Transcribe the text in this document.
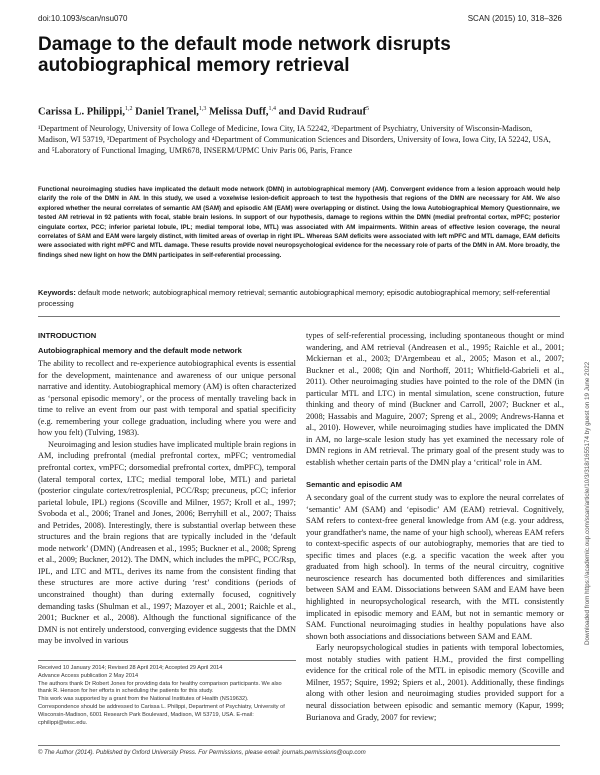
doi:10.1093/scan/nsu070	SCAN (2015) 10, 318–326
Damage to the default mode network disrupts
autobiographical memory retrieval
Carissa L. Philippi,$^{1,2}$ Daniel Tranel,$^{1,3}$ Melissa Duff,$^{1,4}$ and David Rudrauf$^5$
¹Department of Neurology, University of Iowa College of Medicine, Iowa City, IA 52242, ²Department of Psychiatry, University of Wisconsin-Madison, Madison, WI 53719, ³Department of Psychology and ⁴Department of Communication Sciences and Disorders, University of Iowa, Iowa City, IA 52242, USA, and ⁵Laboratory of Functional Imaging, UMR678, INSERM/UPMC Univ Paris 06, Paris, France
Functional neuroimaging studies have implicated the default mode network (DMN) in autobiographical memory (AM). Convergent evidence from a lesion approach would help clarify the role of the DMN in AM. In this study, we used a voxelwise lesion-deficit approach to test the hypothesis that regions of the DMN are necessary for AM. We also explored whether the neural correlates of semantic AM (SAM) and episodic AM (EAM) were overlapping or distinct. Using the Iowa Autobiographical Memory Questionnaire, we tested AM retrieval in 92 patients with focal, stable brain lesions. In support of our hypothesis, damage to regions within the DMN (medial prefrontal cortex, mPFC; posterior cingulate cortex, PCC; inferior parietal lobule, IPL; medial temporal lobe, MTL) was associated with AM impairments. Within areas of effective lesion coverage, the neural correlates of SAM and EAM were largely distinct, with limited areas of overlap in right IPL. Whereas SAM deficits were associated with left mPFC and MTL damage, EAM deficits were associated with right mPFC and MTL damage. These results provide novel neuropsychological evidence for the necessary role of parts of the DMN in AM. More broadly, the findings shed new light on how the DMN participates in self-referential processing.
Keywords: default mode network; autobiographical memory retrieval; semantic autobiographical memory; episodic autobiographical memory; self-referential processing
INTRODUCTION
Autobiographical memory and the default mode network

The ability to recollect and re-experience autobiographical events is essential for the development, maintenance and awareness of our unique personal narrative and identity. Autobiographical memory (AM) is often characterized as ‘personal episodic memory’, or the process of mentally traveling back in time to relive an event from our past with temporal and spatial specificity (e.g. remembering your college graduation, including where you were and how you felt) (Tulving, 1983).

Neuroimaging and lesion studies have implicated multiple brain regions in AM, including prefrontal (medial prefrontal cortex, mPFC; ventromedial prefrontal cortex, vmPFC; dorsomedial prefrontal cortex, dmPFC), temporal (lateral temporal cortex, LTC; medial temporal lobe, MTL) and parietal (posterior cingulate cortex/retrosplenial, PCC/Rsp; precuneus, pCC; inferior parietal lobule, IPL) regions (Scoville and Milner, 1957; Kroll et al., 1997; Svoboda et al., 2006; Tranel and Jones, 2006; Berryhill et al., 2007; Thaiss and Petrides, 2008). Interestingly, there is substantial overlap between these structures and the brain regions that are typically included in the ‘default mode network’ (DMN) (Andreasen et al., 1995; Buckner et al., 2008; Spreng et al., 2009; Buckner, 2012). The DMN, which includes the mPFC, PCC/Rsp, IPL, and LTC and MTL, derives its name from the consistent finding that these structures are more active during ‘rest’ conditions (periods of unconstrained thought) than during externally focused, cognitively demanding tasks (Shulman et al., 1997; Mazoyer et al., 2001; Raichle et al., 2001; Buckner et al., 2008). Although the functional significance of the DMN is not entirely understood, converging evidence suggests that the DMN may be involved in various

types of self-referential processing, including spontaneous thought or mind wandering, and AM retrieval (Andreasen et al., 1995; Raichle et al., 2001; Mckiernan et al., 2003; D'Argembeau et al., 2005; Mason et al., 2007; Buckner et al., 2008; Qin and Northoff, 2011; Whitfield-Gabrieli et al., 2011). Other neuroimaging studies have pointed to the role of the DMN (in particular MTL and LTC) in mental simulation, scene construction, future thinking and theory of mind (Buckner and Carroll, 2007; Buckner et al., 2008; Hassabis and Maguire, 2007; Spreng et al., 2009; Andrews-Hanna et al., 2010). However, while neuroimaging studies have implicated the DMN in AM, no large-scale lesion study has yet examined the necessary role of DMN regions in AM retrieval. The primary goal of the present study was to establish whether certain parts of the DMN play a ‘critical’ role in AM.

Semantic and episodic AM

A secondary goal of the current study was to explore the neural correlates of ‘semantic’ AM (SAM) and ‘episodic’ AM (EAM) retrieval. Cognitively, SAM refers to context-free general knowledge from AM (e.g. your address, your grandfather's name, the name of your high school), whereas EAM refers to context-specific aspects of our autobiography, memories that are tied to specific times and places (e.g. a specific vacation the week after you graduated from high school). In terms of the neural circuitry, cognitive neuroscience research has documented both differences and similarities between SAM and EAM. Dissociations between SAM and EAM have been highlighted in neuropsychological research, with the MTL consistently implicated in episodic memory and EAM, but not in semantic memory or SAM. Functional neuroimaging studies in healthy populations have also shown both associations and dissociations between SAM and EAM.

Early neuropsychological studies in patients with temporal lobectomies, most notably studies with patient H.M., provided the first compelling evidence for the critical role of the MTL in episodic memory (Scoville and Milner, 1957; Squire, 1992; Spiers et al., 2001). Additionally, these findings along with other lesion and neuroimaging studies provided support for a neural dissociation between episodic and semantic memory (Kapur, 1999; Burianova and Grady, 2007 for review;

Received 10 January 2014; Revised 28 April 2014; Accepted 29 April 2014
Advance Access publication 2 May 2014
The authors thank Dr Robert Jones for providing data for healthy comparison participants. We also thank R. Henson for her efforts in scheduling the patients for this study.
This work was supported by a grant from the National Institutes of Health (NS19632).
Correspondence should be addressed to Carissa L. Philippi, Department of Psychiatry, University of Wisconsin-Madison, 6001 Research Park Boulevard, Madison, WI 53719, USA. E-mail: cphilippi@wisc.edu.
© The Author (2014). Published by Oxford University Press. For Permissions, please email: journals.permissions@oup.com
Downloaded from https://academic.oup.com/scan/article/10/3/318/1655174 by guest on 19 June 2022
